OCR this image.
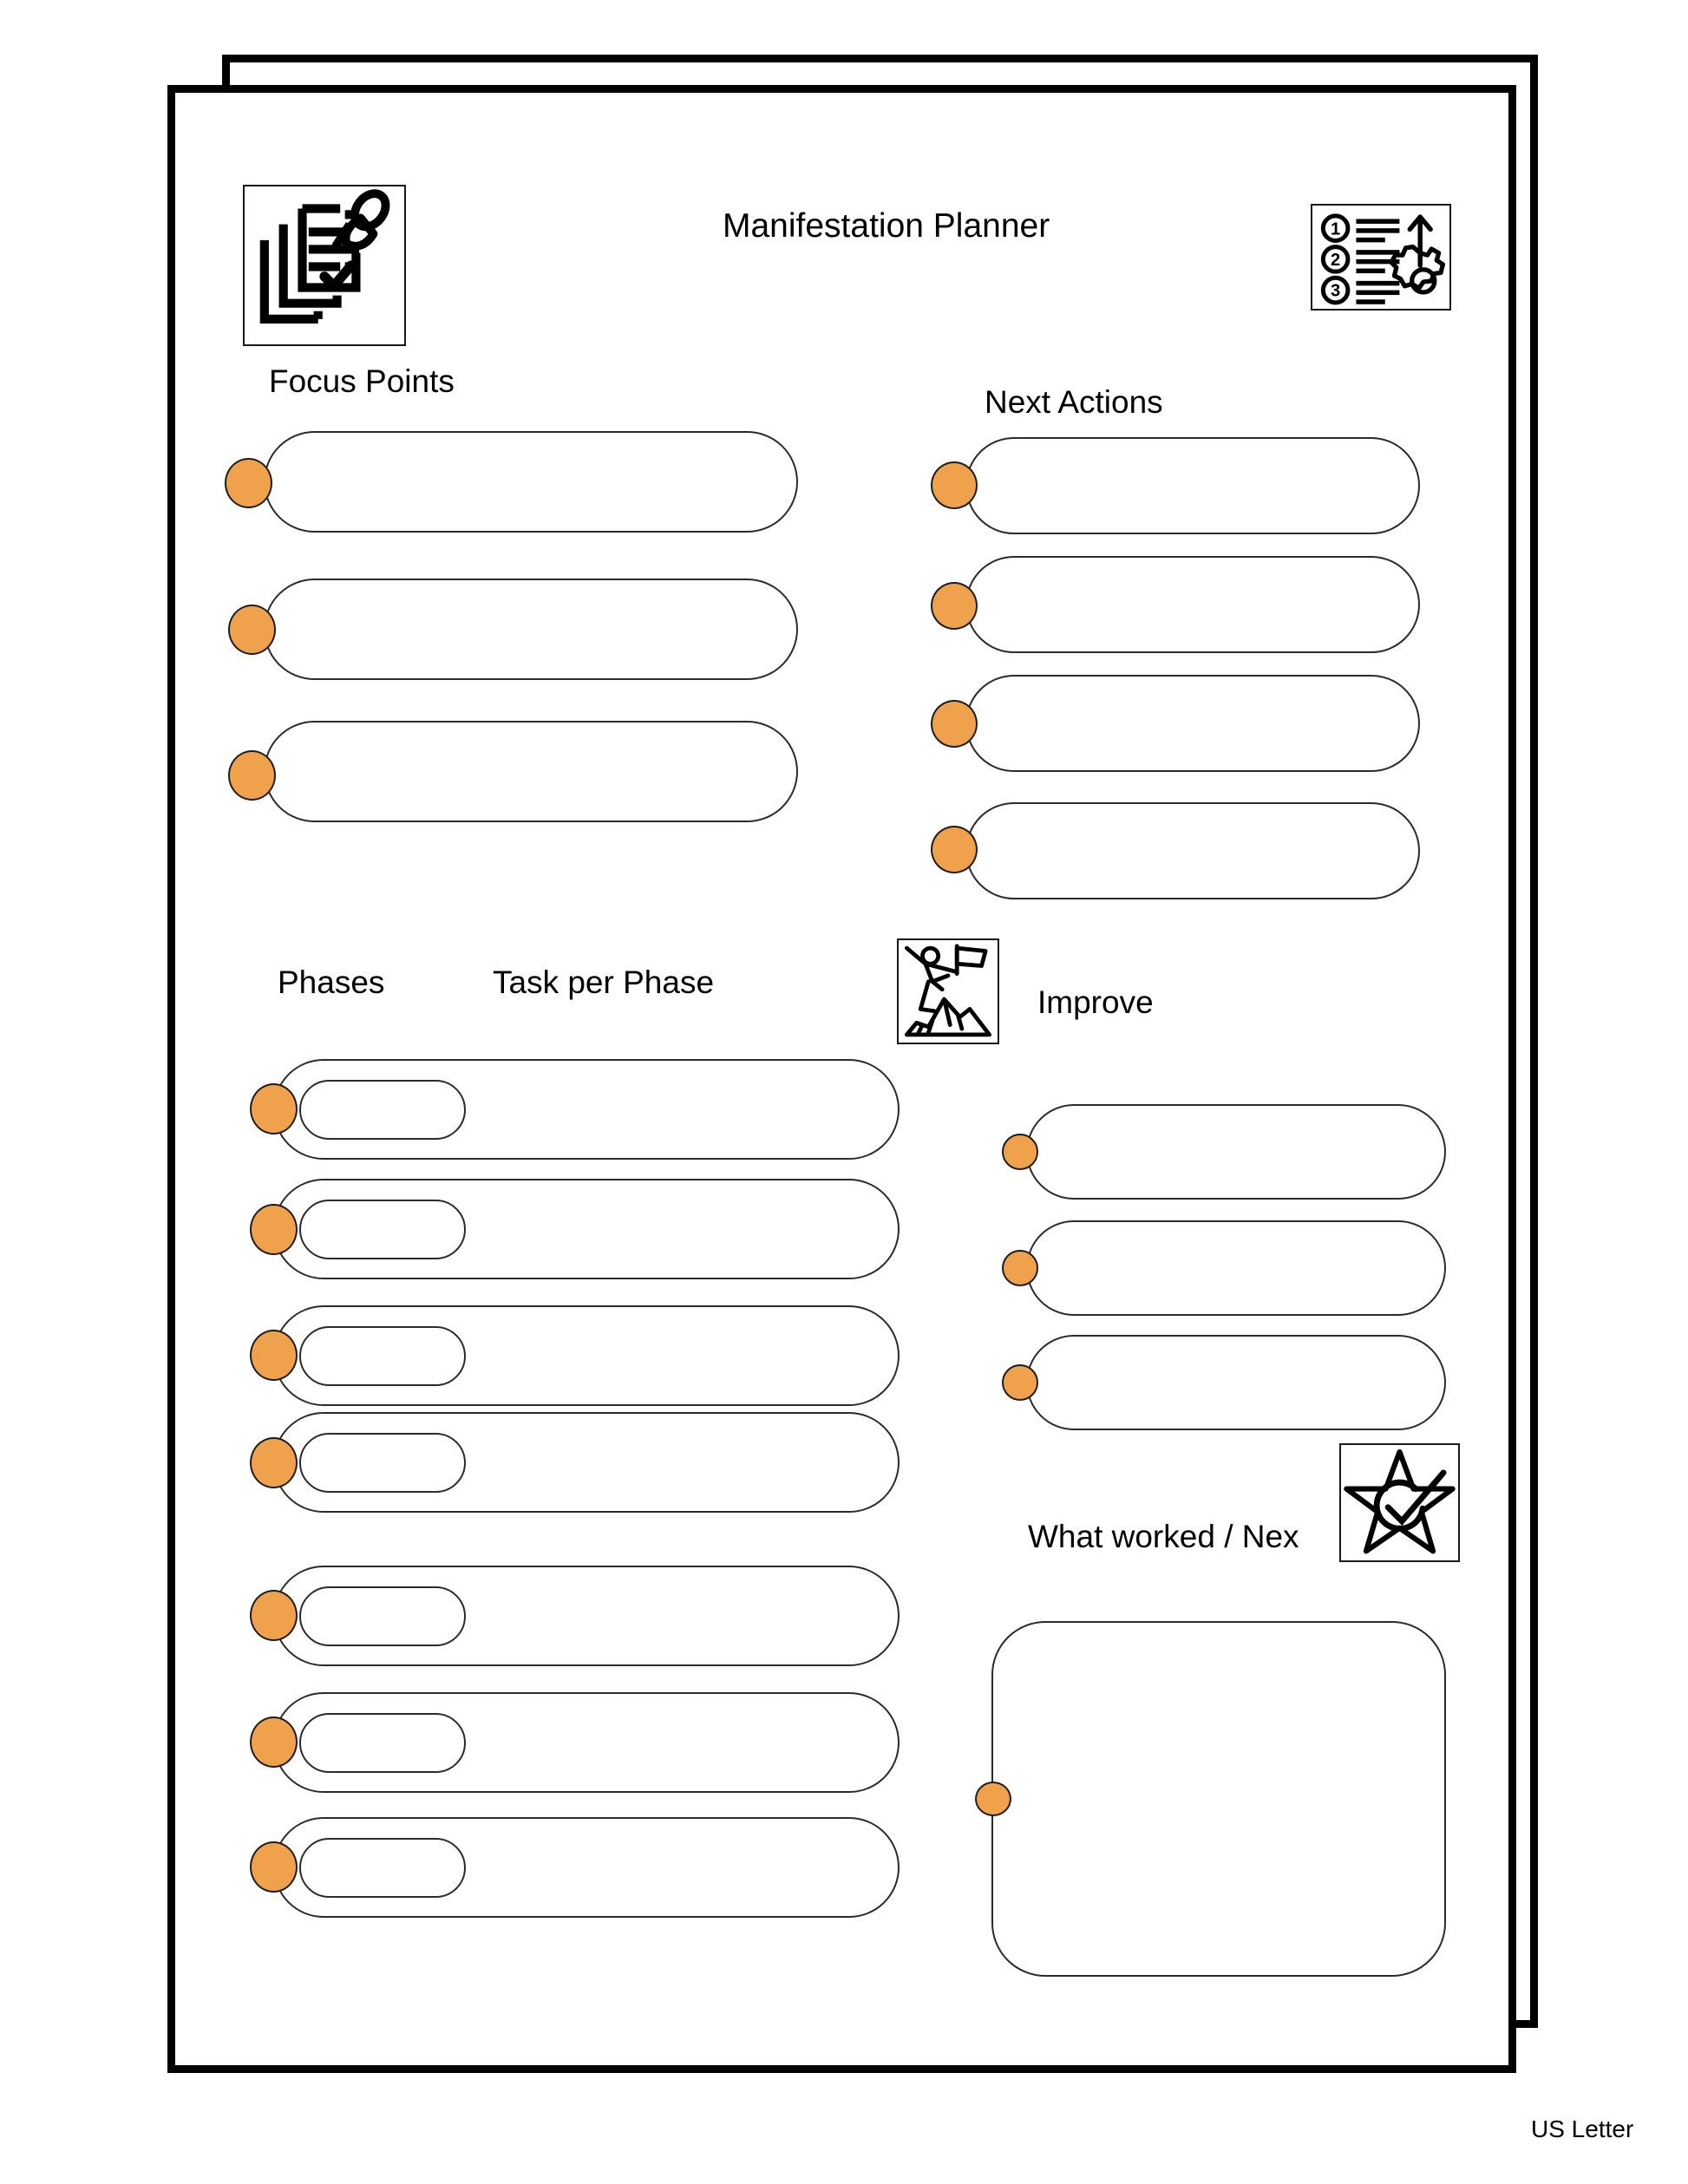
Focus Points
Manifestation Planner	1
2
3
Next Actions
Phases	Task per Phase
Improve
What worked / Nex
US Letter
